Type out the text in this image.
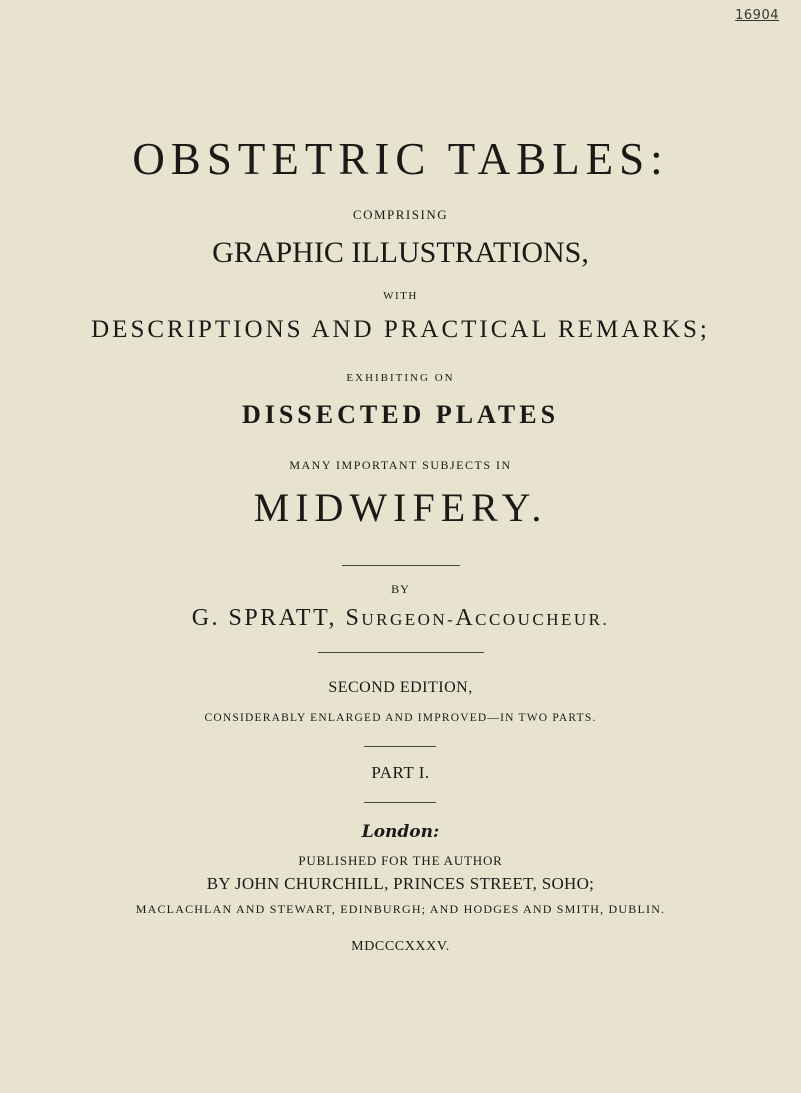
16904
OBSTETRIC TABLES:
COMPRISING
GRAPHIC ILLUSTRATIONS,
WITH
DESCRIPTIONS AND PRACTICAL REMARKS;
EXHIBITING ON
DISSECTED PLATES
MANY IMPORTANT SUBJECTS IN
MIDWIFERY.
BY
G. SPRATT, SURGEON-ACCOUCHEUR.
SECOND EDITION,
CONSIDERABLY ENLARGED AND IMPROVED—IN TWO PARTS.
PART I.
London:
PUBLISHED FOR THE AUTHOR
BY JOHN CHURCHILL, PRINCES STREET, SOHO;
MACLACHLAN AND STEWART, EDINBURGH; AND HODGES AND SMITH, DUBLIN.
MDCCCXXXV.
